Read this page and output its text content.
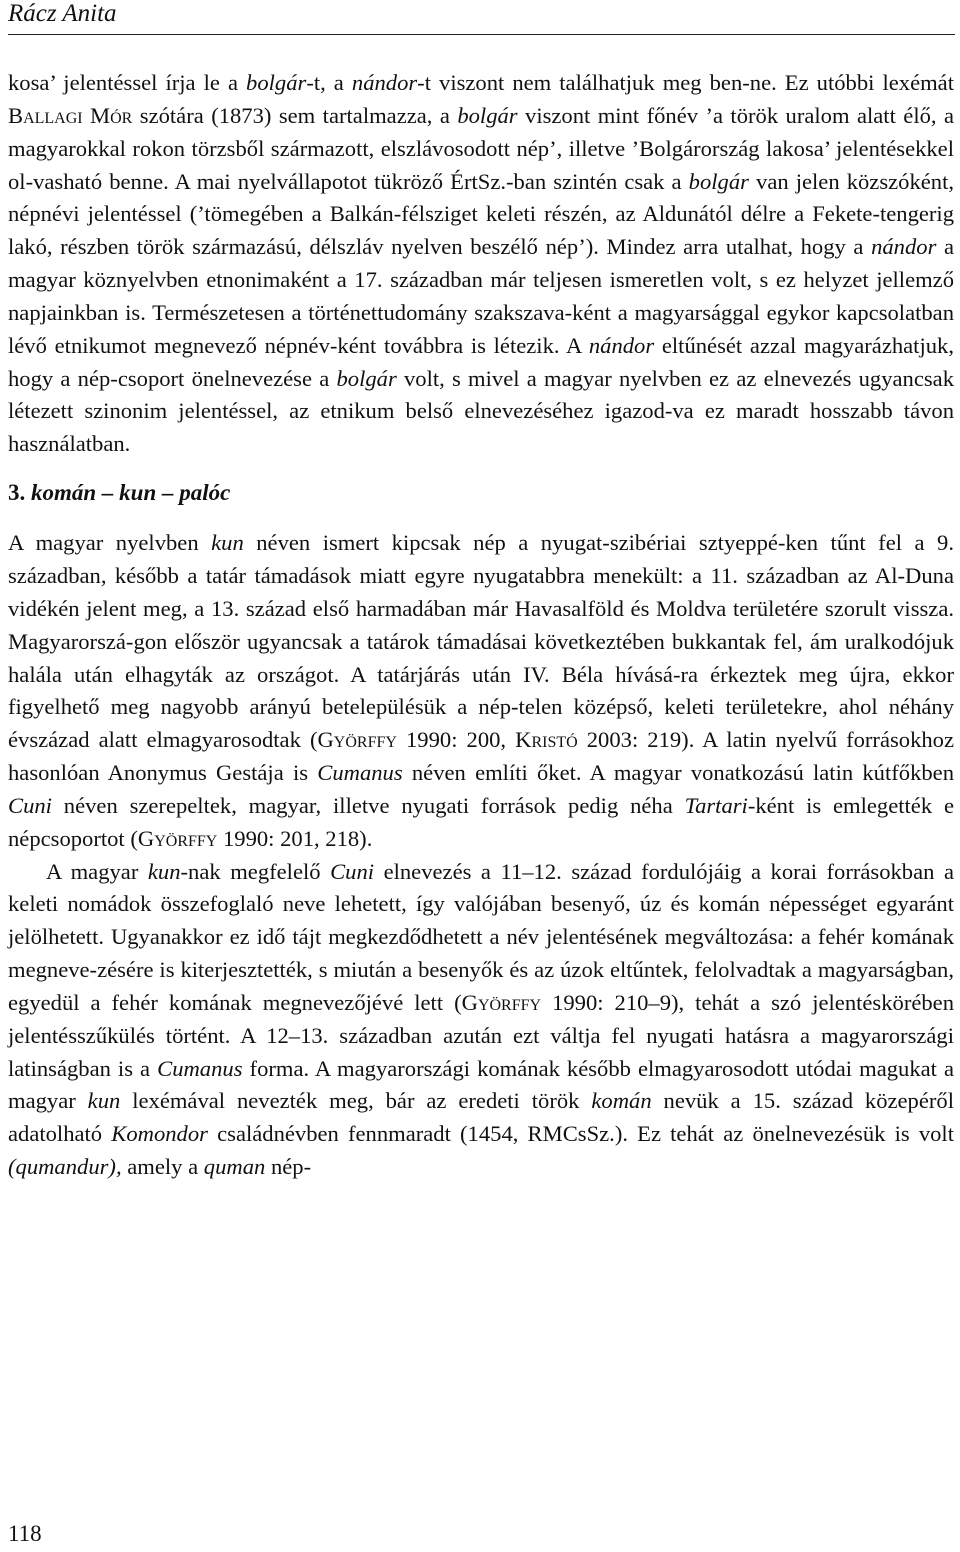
Rácz Anita

kosa’ jelentéssel írja le a bolgár-t, a nándor-t viszont nem találhatjuk meg ben-ne. Ez utóbbi lexémát Ballagi Mór szótára (1873) sem tartalmazza, a bolgár viszont mint főnév ’a török uralom alatt élő, a magyarokkal rokon törzsből származott, elszlávosodott nép’, illetve ’Bolgárország lakosa’ jelentésekkel ol-vasható benne. A mai nyelvállapotot tükröző ÉrtSz.-ban szintén csak a bolgár van jelen közszóként, népnévi jelentéssel (’tömegében a Balkán-félsziget keleti részén, az Aldunától délre a Fekete-tengerig lakó, részben török származású, délszláv nyelven beszélő nép’). Mindez arra utalhat, hogy a nándor a magyar köznyelvben etnonimaként a 17. században már teljesen ismeretlen volt, s ez helyzet jellemző napjainkban is. Természetesen a történettudomány szakszava-ként a magyarsággal egykor kapcsolatban lévő etnikumot megnevező népnév-ként továbbra is létezik. A nándor eltűnését azzal magyarázhatjuk, hogy a nép-csoport önelnevezése a bolgár volt, s mivel a magyar nyelvben ez az elnevezés ugyancsak létezett szinonim jelentéssel, az etnikum belső elnevezéséhez igazod-va ez maradt hosszabb távon használatban.

3. komán – kun – palóc

A magyar nyelvben kun néven ismert kipcsak nép a nyugat-szibériai sztyeppé-ken tűnt fel a 9. században, később a tatár támadások miatt egyre nyugatabbra menekült: a 11. században az Al-Duna vidékén jelent meg, a 13. század első harmadában már Havasalföld és Moldva területére szorult vissza. Magyarorszá-gon először ugyancsak a tatárok támadásai következtében bukkantak fel, ám uralkodójuk halála után elhagyták az országot. A tatárjárás után IV. Béla hívásá-ra érkeztek meg újra, ekkor figyelhető meg nagyobb arányú betelepülésük a nép-telen középső, keleti területekre, ahol néhány évszázad alatt elmagyarosodtak (Györffy 1990: 200, Kristó 2003: 219). A latin nyelvű forrásokhoz hasonlóan Anonymus Gestája is Cumanus néven említi őket. A magyar vonatkozású latin kútfőkben Cuni néven szerepeltek, magyar, illetve nyugati források pedig néha Tartari-ként is emlegették e népcsoportot (Györffy 1990: 201, 218).

A magyar kun-nak megfelelő Cuni elnevezés a 11–12. század fordulójáig a korai forrásokban a keleti nomádok összefoglaló neve lehetett, így valójában besenyő, úz és komán népességet egyaránt jelölhetett. Ugyanakkor ez idő tájt megkezdődhetett a név jelentésének megváltozása: a fehér komának megneve-zésére is kiterjesztették, s miután a besenyők és az úzok eltűntek, felolvadtak a magyarságban, egyedül a fehér komának megnevezőjévé lett (Györffy 1990: 210–9), tehát a szó jelentéskörében jelentésszűkülés történt. A 12–13. században azután ezt váltja fel nyugati hatásra a magyarországi latinságban is a Cumanus forma. A magyarországi komának később elmagyarosodott utódai magukat a magyar kun lexémával nevezték meg, bár az eredeti török komán nevük a 15. század közepéről adatolható Komondor családnévben fennmaradt (1454, RMCsSz.). Ez tehát az önelnevezésük is volt (qumandur), amely a quman nép-

118
